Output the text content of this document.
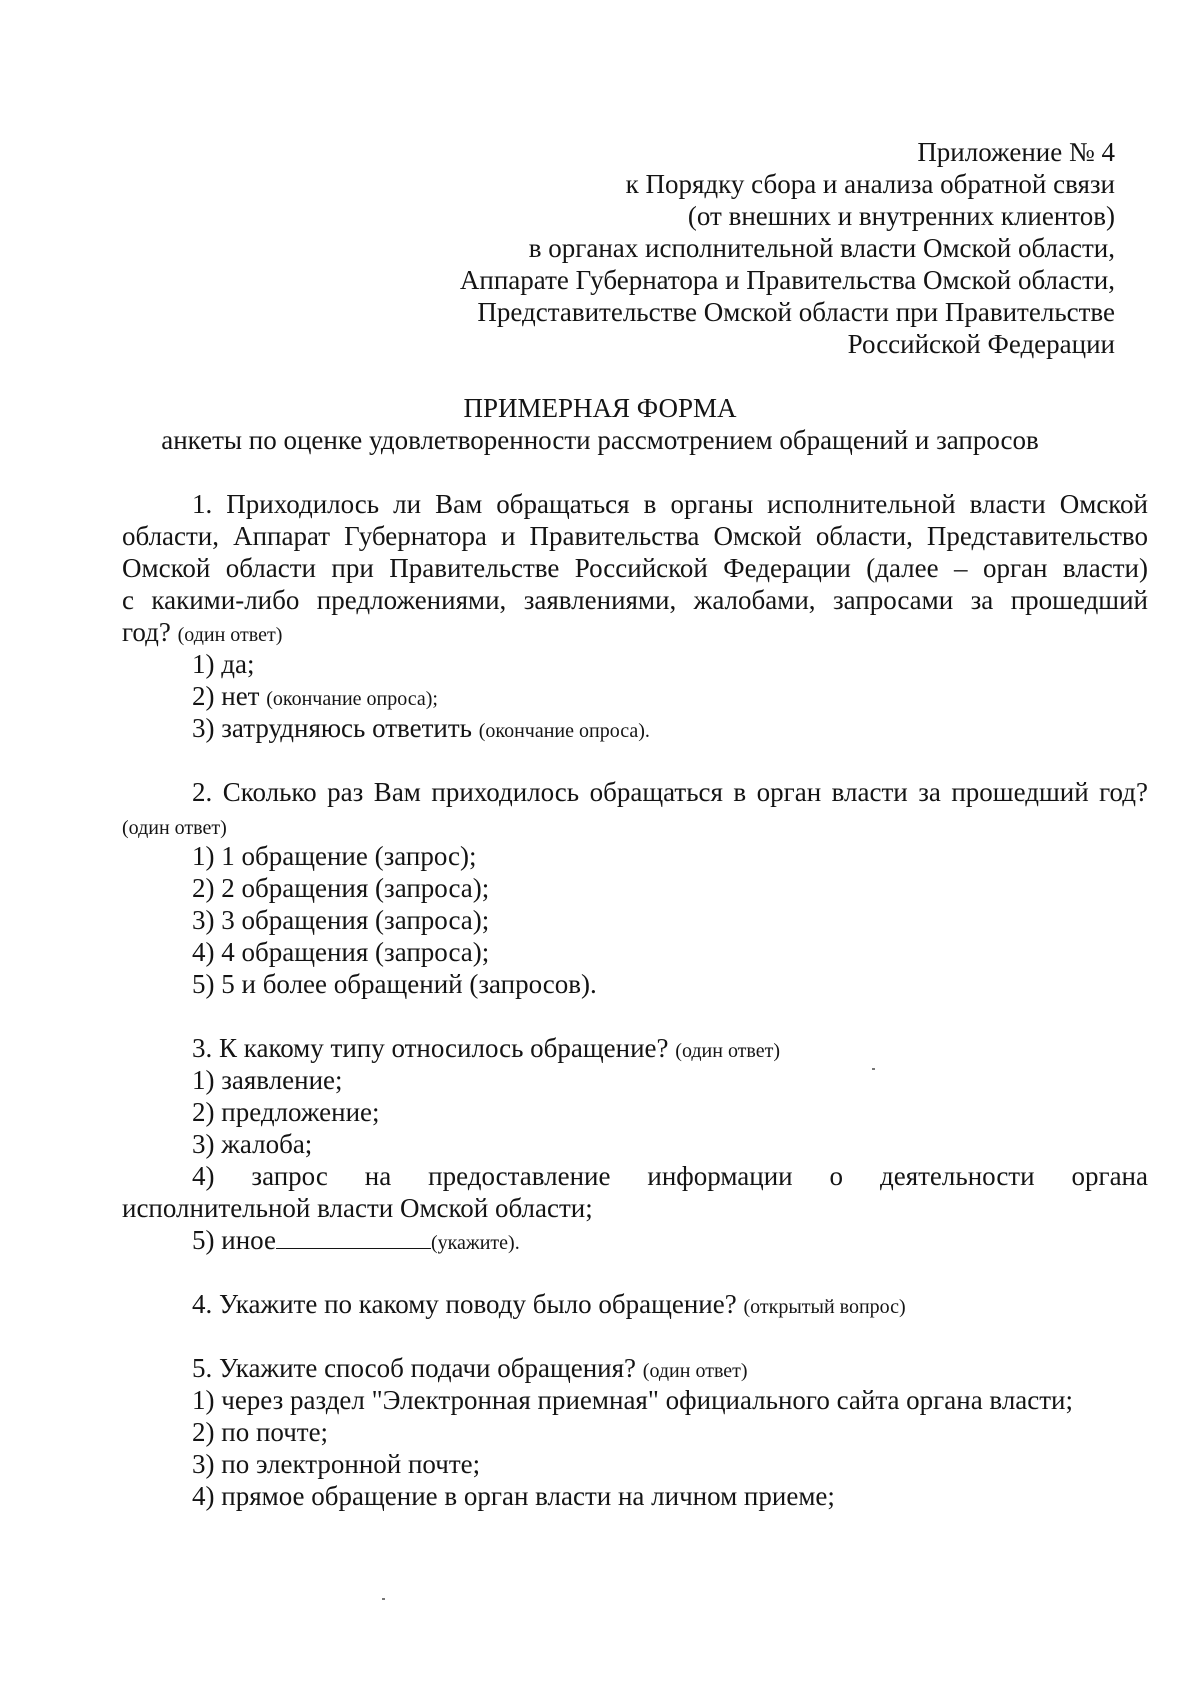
Приложение № 4
к Порядку сбора и анализа обратной связи
(от внешних и внутренних клиентов)
в органах исполнительной власти Омской области,
Аппарате Губернатора и Правительства Омской области,
Представительстве Омской области при Правительстве
Российской Федерации
ПРИМЕРНАЯ ФОРМА
анкеты по оценке удовлетворенности рассмотрением обращений и запросов
1. Приходилось ли Вам обращаться в органы исполнительной власти Омской
области, Аппарат Губернатора и Правительства Омской области, Представительство
Омской области при Правительстве Российской Федерации (далее – орган власти)
с какими-либо предложениями, заявлениями, жалобами, запросами за прошедший
год? (один ответ)
1) да;
2) нет (окончание опроса);
3) затрудняюсь ответить (окончание опроса).
2. Сколько раз Вам приходилось обращаться в орган власти за прошедший год?
(один ответ)
1) 1 обращение (запрос);
2) 2 обращения (запроса);
3) 3 обращения (запроса);
4) 4 обращения (запроса);
5) 5 и более обращений (запросов).
3. К какому типу относилось обращение? (один ответ)
1) заявление;
2) предложение;
3) жалоба;
4) запрос на предоставление информации о деятельности органа
исполнительной власти Омской области;
5) иное	(укажите).
4. Укажите по какому поводу было обращение? (открытый вопрос)
5. Укажите способ подачи обращения? (один ответ)
1) через раздел "Электронная приемная" официального сайта органа власти;
2) по почте;
3) по электронной почте;
4) прямое обращение в орган власти на личном приеме;
